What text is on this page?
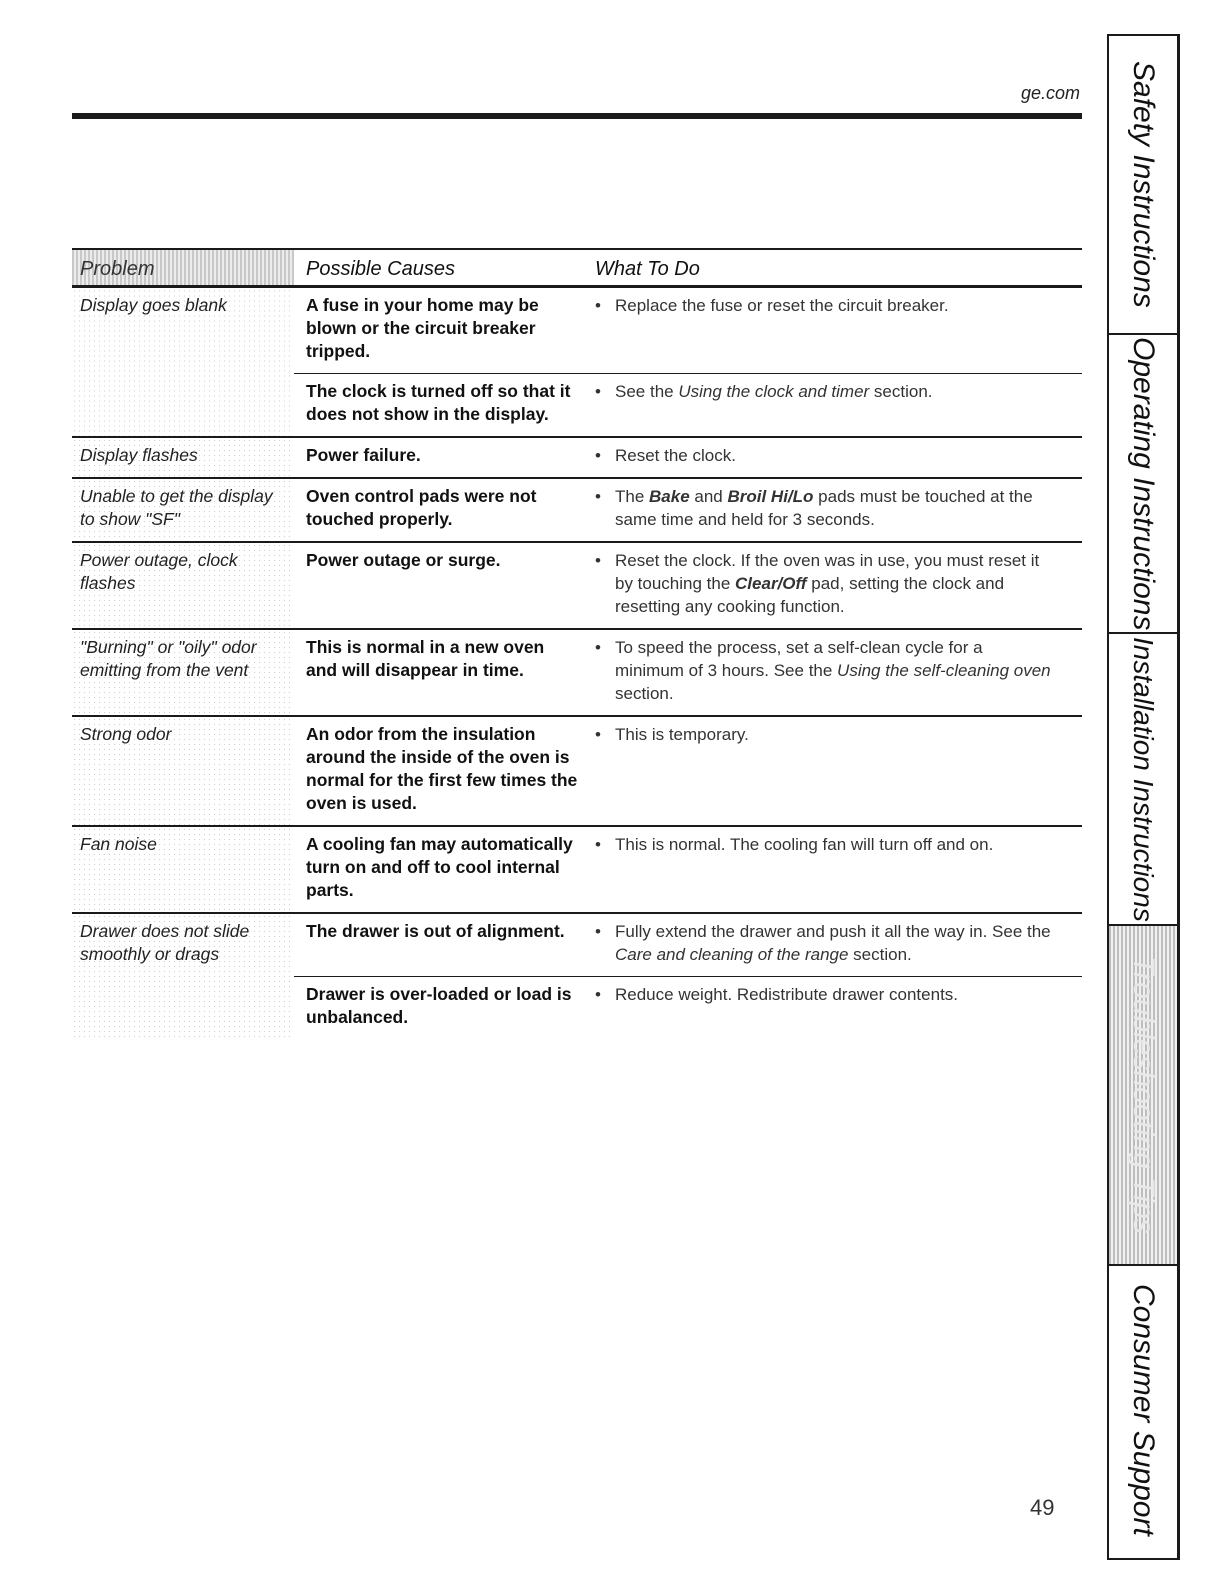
ge.com
Problem	Possible Causes	What To Do
Display goes blank	A fuse in your home may be blown or the circuit breaker tripped.	• Replace the fuse or reset the circuit breaker.
	The clock is turned off so that it does not show in the display.	• See the Using the clock and timer section.
Display flashes	Power failure.	• Reset the clock.
Unable to get the display to show "SF"	Oven control pads were not touched properly.	• The Bake and Broil Hi/Lo pads must be touched at the same time and held for 3 seconds.
Power outage, clock flashes	Power outage or surge.	• Reset the clock. If the oven was in use, you must reset it by touching the Clear/Off pad, setting the clock and resetting any cooking function.
"Burning" or "oily" odor emitting from the vent	This is normal in a new oven and will disappear in time.	• To speed the process, set a self-clean cycle for a minimum of 3 hours. See the Using the self-cleaning oven section.
Strong odor	An odor from the insulation around the inside of the oven is normal for the first few times the oven is used.	• This is temporary.
Fan noise	A cooling fan may automatically turn on and off to cool internal parts.	• This is normal. The cooling fan will turn off and on.
Drawer does not slide smoothly or drags	The drawer is out of alignment.	• Fully extend the drawer and push it all the way in. See the Care and cleaning of the range section.
	Drawer is over-loaded or load is unbalanced.	• Reduce weight. Redistribute drawer contents.
49
Safety Instructions
Operating Instructions
Installation Instructions
Troubleshooting Tips
Consumer Support
